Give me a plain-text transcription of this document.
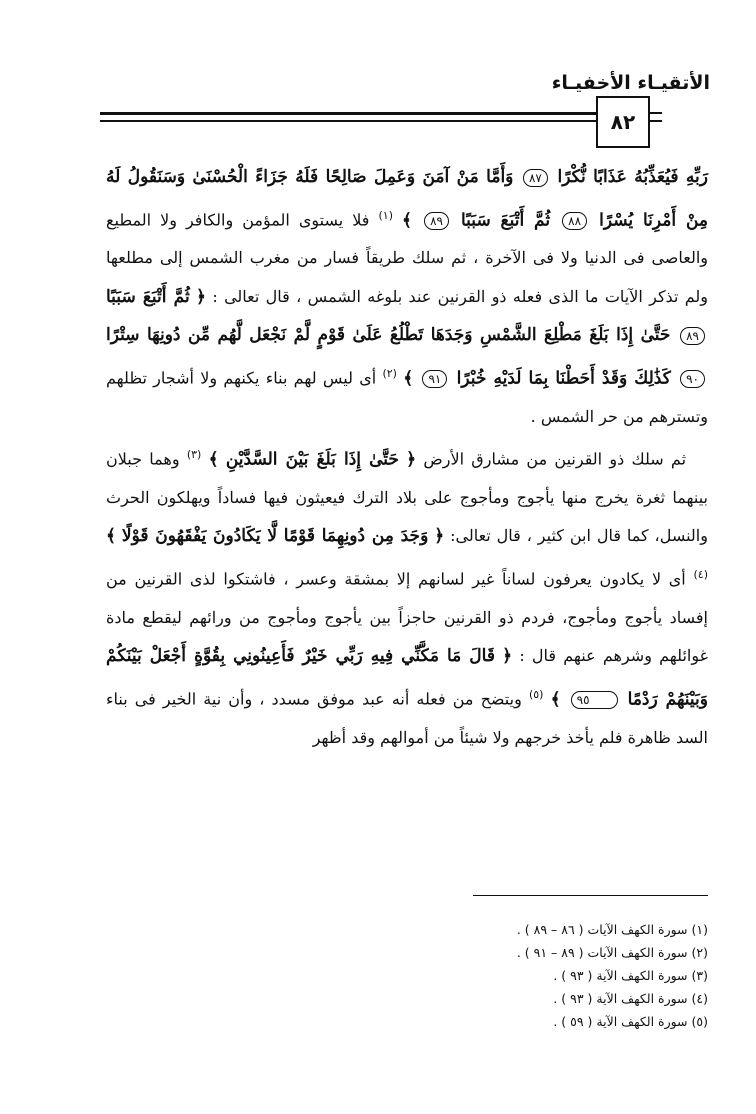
الأتقيـاء الأخفيـاء
٨٢

رَبِّهِ فَيُعَذِّبُهُ عَذَابًا نُّكْرًا ٨٧ وَأَمَّا مَنْ آمَنَ وَعَمِلَ صَالِحًا فَلَهُ جَزَاءً الْحُسْنَىٰ وَسَنَقُولُ لَهُ مِنْ أَمْرِنَا يُسْرًا ٨٨ ثُمَّ أَتْبَعَ سَبَبًا ٨٩ ﴾ $^{(١)}$ فلا يستوى المؤمن والكافر ولا المطيع والعاصى فى الدنيا ولا فى الآخرة ، ثم سلك طريقاً فسار من مغرب الشمس إلى مطلعها ولم تذكر الآيات ما الذى فعله ذو القرنين عند بلوغه الشمس ، قال تعالى : ﴿ ثُمَّ أَتْبَعَ سَبَبًا ٨٩ حَتَّىٰ إِذَا بَلَغَ مَطْلِعَ الشَّمْسِ وَجَدَهَا تَطْلُعُ عَلَىٰ قَوْمٍ لَّمْ نَجْعَل لَّهُم مِّن دُونِهَا سِتْرًا ٩٠ كَذَٰلِكَ وَقَدْ أَحَطْنَا بِمَا لَدَيْهِ خُبْرًا ٩١ ﴾ $^{(٢)}$ أى ليس لهم بناء يكنهم ولا أشجار تظلهم وتسترهم من حر الشمس .

ثم سلك ذو القرنين من مشارق الأرض ﴿ حَتَّىٰ إِذَا بَلَغَ بَيْنَ السَّدَّيْنِ ﴾ $^{(٣)}$ وهما جبلان بينهما ثغرة يخرج منها يأجوج ومأجوج على بلاد الترك فيعيثون فيها فساداً ويهلكون الحرث والنسل، كما قال ابن كثير ، قال تعالى: ﴿ وَجَدَ مِن دُونِهِمَا قَوْمًا لَّا يَكَادُونَ يَفْقَهُونَ قَوْلًا ﴾ $^{(٤)}$ أى لا يكادون يعرفون لساناً غير لسانهم إلا بمشقة وعسر ، فاشتكوا لذى القرنين من إفساد يأجوج ومأجوج، فردم ذو القرنين حاجزاً بين يأجوج ومأجوج من ورائهم ليقطع مادة غوائلهم وشرهم عنهم قال : ﴿ قَالَ مَا مَكَّنِّي فِيهِ رَبِّي خَيْرٌ فَأَعِينُونِي بِقُوَّةٍ أَجْعَلْ بَيْنَكُمْ وَبَيْنَهُمْ رَدْمًا ٩٥ ﴾ $^{(٥)}$ ويتضح من فعله أنه عبد موفق مسدد ، وأن نية الخير فى بناء السد ظاهرة فلم يأخذ خرجهم ولا شيئاً من أموالهم وقد أظهر

(١) سورة الكهف الآيات ( ٨٦ – ٨٩ ) .
(٢) سورة الكهف الآيات ( ٨٩ – ٩١ ) .
(٣) سورة الكهف الآية ( ٩٣ ) .
(٤) سورة الكهف الآية ( ٩٣ ) .
(٥) سورة الكهف الآية ( ٥٩ ) .
